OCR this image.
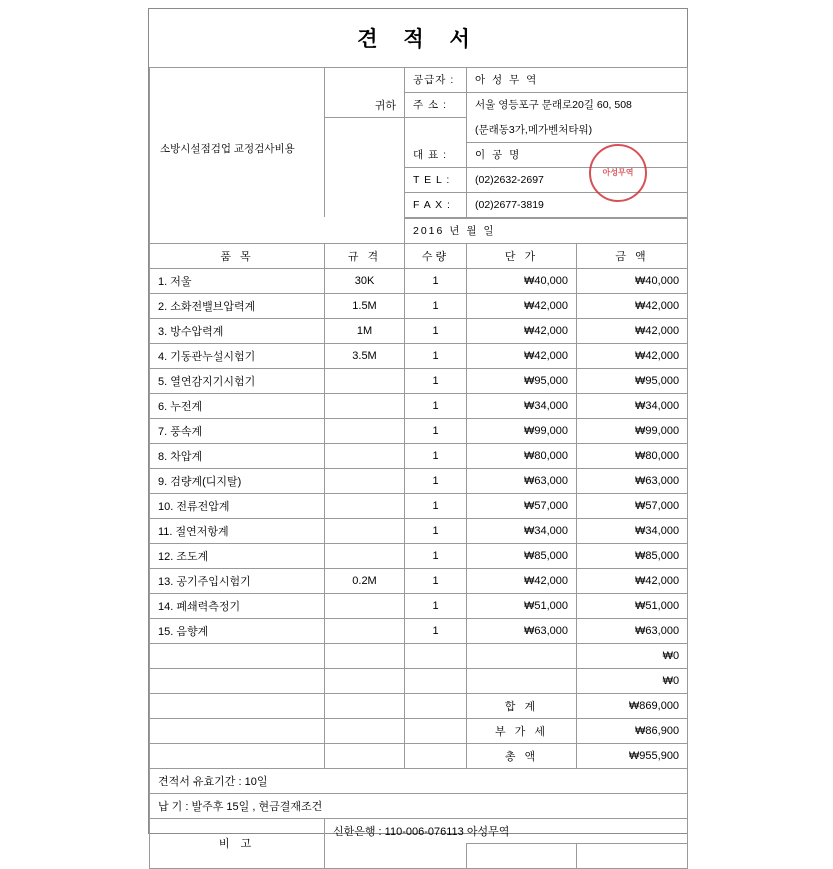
견 적 서				
	귀하	공급자 :	아 성 무 역	
		주 소 :	서울 영등포구 문래로20길 60, 508	
			(문래동3가,메가벤처타워)	
		대 표 :	이 공 명	
		T E L :	(02)2632-2697	
		F A X :	(02)2677-3819	

소방시설점검업 교정검사비용				

		2016 년 월 일		
품 목	규 격	수량	단 가	금 액
1. 저울	30K	1	₩40,000	₩40,000
2. 소화전밸브압력계	1.5M	1	₩42,000	₩42,000
3. 방수압력계	1M	1	₩42,000	₩42,000
4. 기동관누설시험기	3.5M	1	₩42,000	₩42,000
5. 열연감지기시험기		1	₩95,000	₩95,000
6. 누전계		1	₩34,000	₩34,000
7. 풍속계		1	₩99,000	₩99,000
8. 차압계		1	₩80,000	₩80,000
9. 검량계(디지탈)		1	₩63,000	₩63,000
10. 전류전압계		1	₩57,000	₩57,000
11. 절연저항계		1	₩34,000	₩34,000
12. 조도계		1	₩85,000	₩85,000
13. 공기주입시험기	0.2M	1	₩42,000	₩42,000
14. 폐쇄력측정기		1	₩51,000	₩51,000
15. 음향계		1	₩63,000	₩63,000
				₩0
				₩0
			합 계	₩869,000
			부 가 세	₩86,900
			총 액	₩955,900
견적서 유효기간 : 10일				
납 기 : 발주후 15일 , 현금결재조건				
비 고	신한은행 : 110-006-076113 아성무역			

아성무역
